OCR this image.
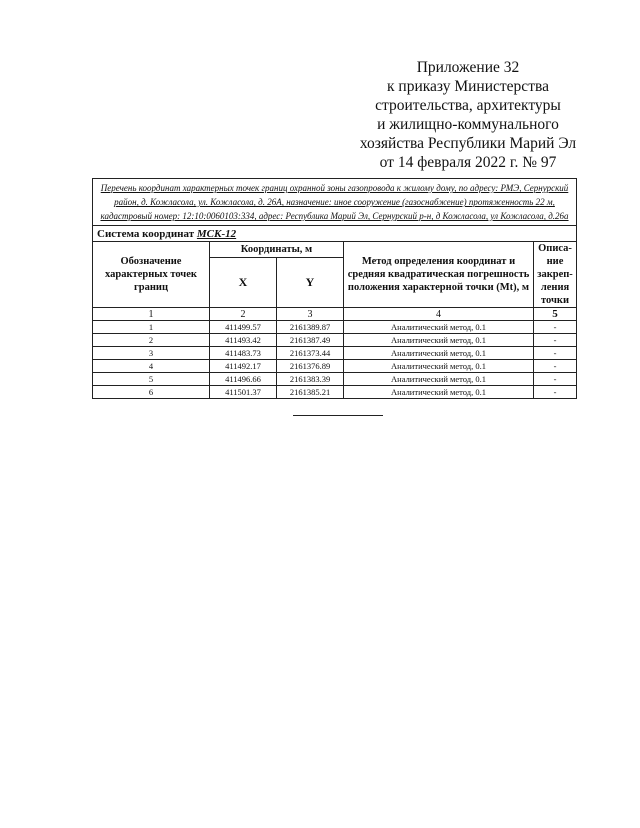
Приложение 32
к приказу Министерства
строительства, архитектуры
и жилищно-коммунального
хозяйства Республики Марий Эл
от 14 февраля 2022 г. № 97
Перечень координат характерных точек границ охранной зоны газопровода к жилому дому, по адресу: РМЭ, Сернурский район, д. Кожласола, ул. Кожласола, д. 26А, назначение: иное сооружение (газоснабжение) протяженность 22 м, кадастровый номер: 12:10:0060103:334, адрес: Республика Марий Эл, Сернурский р-н, д Кожласола, ул Кожласола, д.26а				
Система координат МСК-12				
Обозначение характерных точек границ	Координаты, м		Метод определения координат и средняя квадратическая погрешность положения характерной точки (Mt), м	Описа-ние закреп-ления точки
	X	Y		
1	2	3	4	5
1	411499.57	2161389.87	Аналитический метод, 0.1	-
2	411493.42	2161387.49	Аналитический метод, 0.1	-
3	411483.73	2161373.44	Аналитический метод, 0.1	-
4	411492.17	2161376.89	Аналитический метод, 0.1	-
5	411496.66	2161383.39	Аналитический метод, 0.1	-
6	411501.37	2161385.21	Аналитический метод, 0.1	-
